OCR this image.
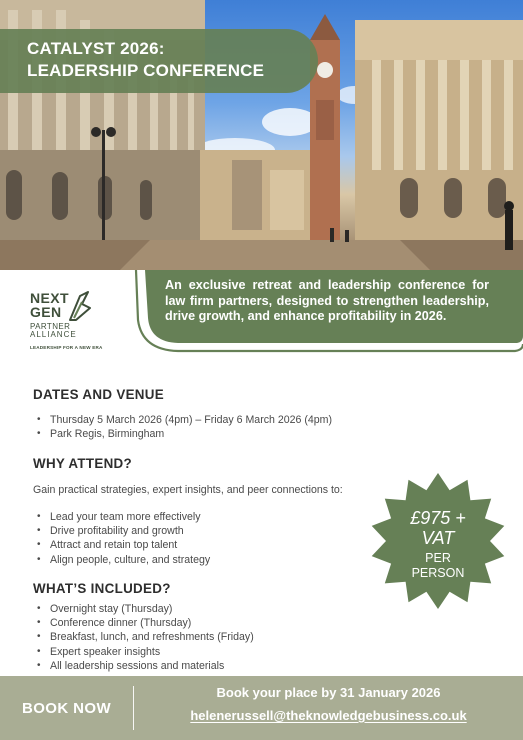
CATALYST 2026:
LEADERSHIP CONFERENCE
An exclusive retreat and leadership conference for law firm partners, designed to strengthen leadership, drive growth, and enhance profitability in 2026.
NEXT
GEN
PARTNER
ALLIANCE
LEADERSHIP FOR A NEW ERA
DATES AND VENUE
• Thursday 5 March 2026 (4pm) – Friday 6 March 2026 (4pm)
• Park Regis, Birmingham
WHY ATTEND?
Gain practical strategies, expert insights, and peer connections to:
• Lead your team more effectively
• Drive profitability and growth
• Attract and retain top talent
• Align people, culture, and strategy
WHAT’S INCLUDED?
• Overnight stay (Thursday)
• Conference dinner (Thursday)
• Breakfast, lunch, and refreshments (Friday)
• Expert speaker insights
• All leadership sessions and materials
£975 +
VAT
PER
PERSON
BOOK NOW
Book your place by 31 January 2026
helenerussell@theknowledgebusiness.co.uk
